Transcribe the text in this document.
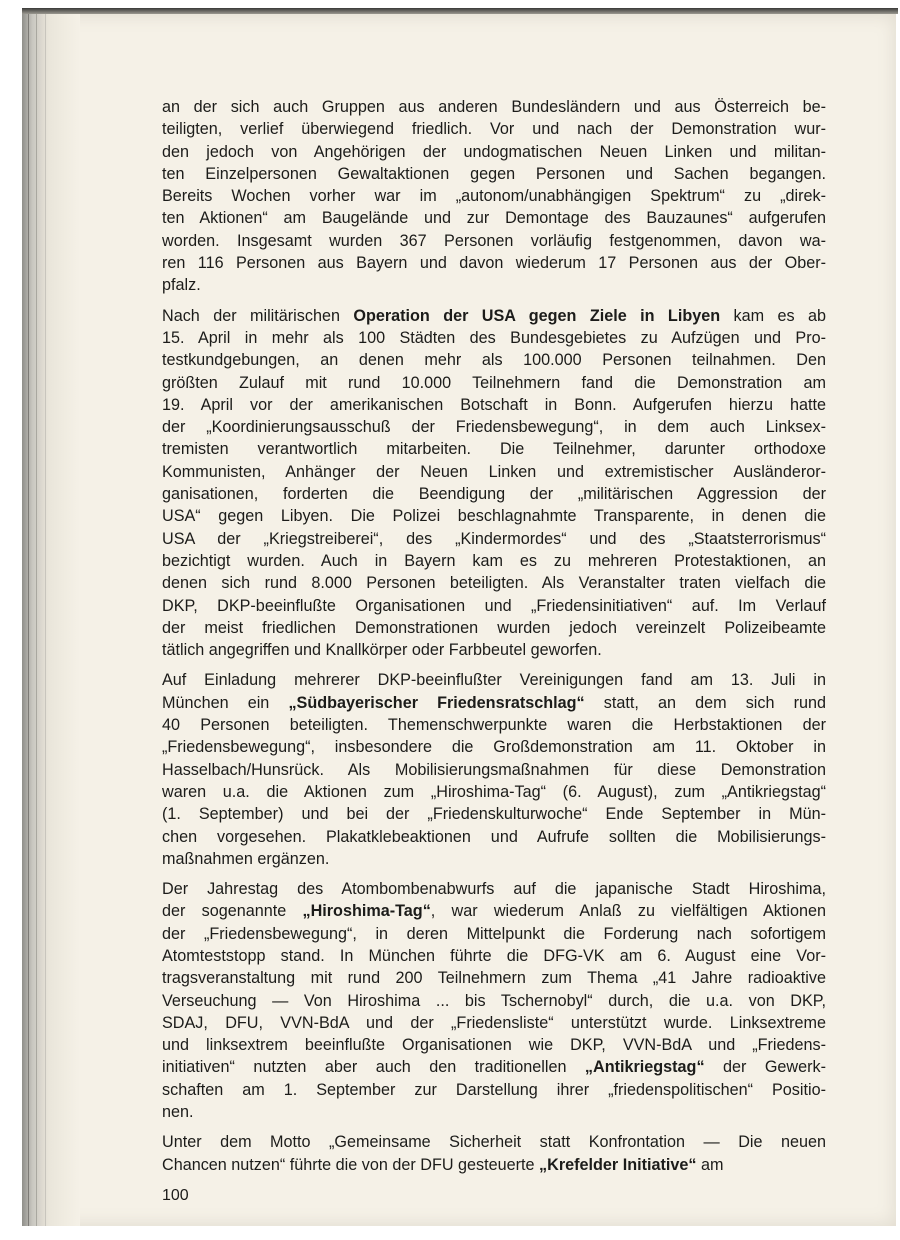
an der sich auch Gruppen aus anderen Bundesländern und aus Österreich be-
teiligten, verlief überwiegend friedlich. Vor und nach der Demonstration wur-
den jedoch von Angehörigen der undogmatischen Neuen Linken und militan-
ten Einzelpersonen Gewaltaktionen gegen Personen und Sachen begangen.
Bereits Wochen vorher war im „autonom/unabhängigen Spektrum“ zu „direk-
ten Aktionen“ am Baugelände und zur Demontage des Bauzaunes“ aufgerufen
worden. Insgesamt wurden 367 Personen vorläufig festgenommen, davon wa-
ren 116 Personen aus Bayern und davon wiederum 17 Personen aus der Ober-
pfalz.

Nach der militärischen Operation der USA gegen Ziele in Libyen kam es ab
15. April in mehr als 100 Städten des Bundesgebietes zu Aufzügen und Pro-
testkundgebungen, an denen mehr als 100.000 Personen teilnahmen. Den
größten Zulauf mit rund 10.000 Teilnehmern fand die Demonstration am
19. April vor der amerikanischen Botschaft in Bonn. Aufgerufen hierzu hatte
der „Koordinierungsausschuß der Friedensbewegung“, in dem auch Linksex-
tremisten verantwortlich mitarbeiten. Die Teilnehmer, darunter orthodoxe
Kommunisten, Anhänger der Neuen Linken und extremistischer Ausländeror-
ganisationen, forderten die Beendigung der „militärischen Aggression der
USA“ gegen Libyen. Die Polizei beschlagnahmte Transparente, in denen die
USA der „Kriegstreiberei“, des „Kindermordes“ und des „Staatsterrorismus“
bezichtigt wurden. Auch in Bayern kam es zu mehreren Protestaktionen, an
denen sich rund 8.000 Personen beteiligten. Als Veranstalter traten vielfach die
DKP, DKP-beeinflußte Organisationen und „Friedensinitiativen“ auf. Im Verlauf
der meist friedlichen Demonstrationen wurden jedoch vereinzelt Polizeibeamte
tätlich angegriffen und Knallkörper oder Farbbeutel geworfen.

Auf Einladung mehrerer DKP-beeinflußter Vereinigungen fand am 13. Juli in
München ein „Südbayerischer Friedensratschlag“ statt, an dem sich rund
40 Personen beteiligten. Themenschwerpunkte waren die Herbstaktionen der
„Friedensbewegung“, insbesondere die Großdemonstration am 11. Oktober in
Hasselbach/Hunsrück. Als Mobilisierungsmaßnahmen für diese Demonstration
waren u.a. die Aktionen zum „Hiroshima-Tag“ (6. August), zum „Antikriegstag“
(1. September) und bei der „Friedenskulturwoche“ Ende September in Mün-
chen vorgesehen. Plakatklebeaktionen und Aufrufe sollten die Mobilisierungs-
maßnahmen ergänzen.

Der Jahrestag des Atombombenabwurfs auf die japanische Stadt Hiroshima,
der sogenannte „Hiroshima-Tag“, war wiederum Anlaß zu vielfältigen Aktionen
der „Friedensbewegung“, in deren Mittelpunkt die Forderung nach sofortigem
Atomteststopp stand. In München führte die DFG-VK am 6. August eine Vor-
tragsveranstaltung mit rund 200 Teilnehmern zum Thema „41 Jahre radioaktive
Verseuchung — Von Hiroshima ... bis Tschernobyl“ durch, die u.a. von DKP,
SDAJ, DFU, VVN-BdA und der „Friedensliste“ unterstützt wurde. Linksextreme
und linksextrem beeinflußte Organisationen wie DKP, VVN-BdA und „Friedens-
initiativen“ nutzten aber auch den traditionellen „Antikriegstag“ der Gewerk-
schaften am 1. September zur Darstellung ihrer „friedenspolitischen“ Positio-
nen.

Unter dem Motto „Gemeinsame Sicherheit statt Konfrontation — Die neuen
Chancen nutzen“ führte die von der DFU gesteuerte „Krefelder Initiative“ am

100
